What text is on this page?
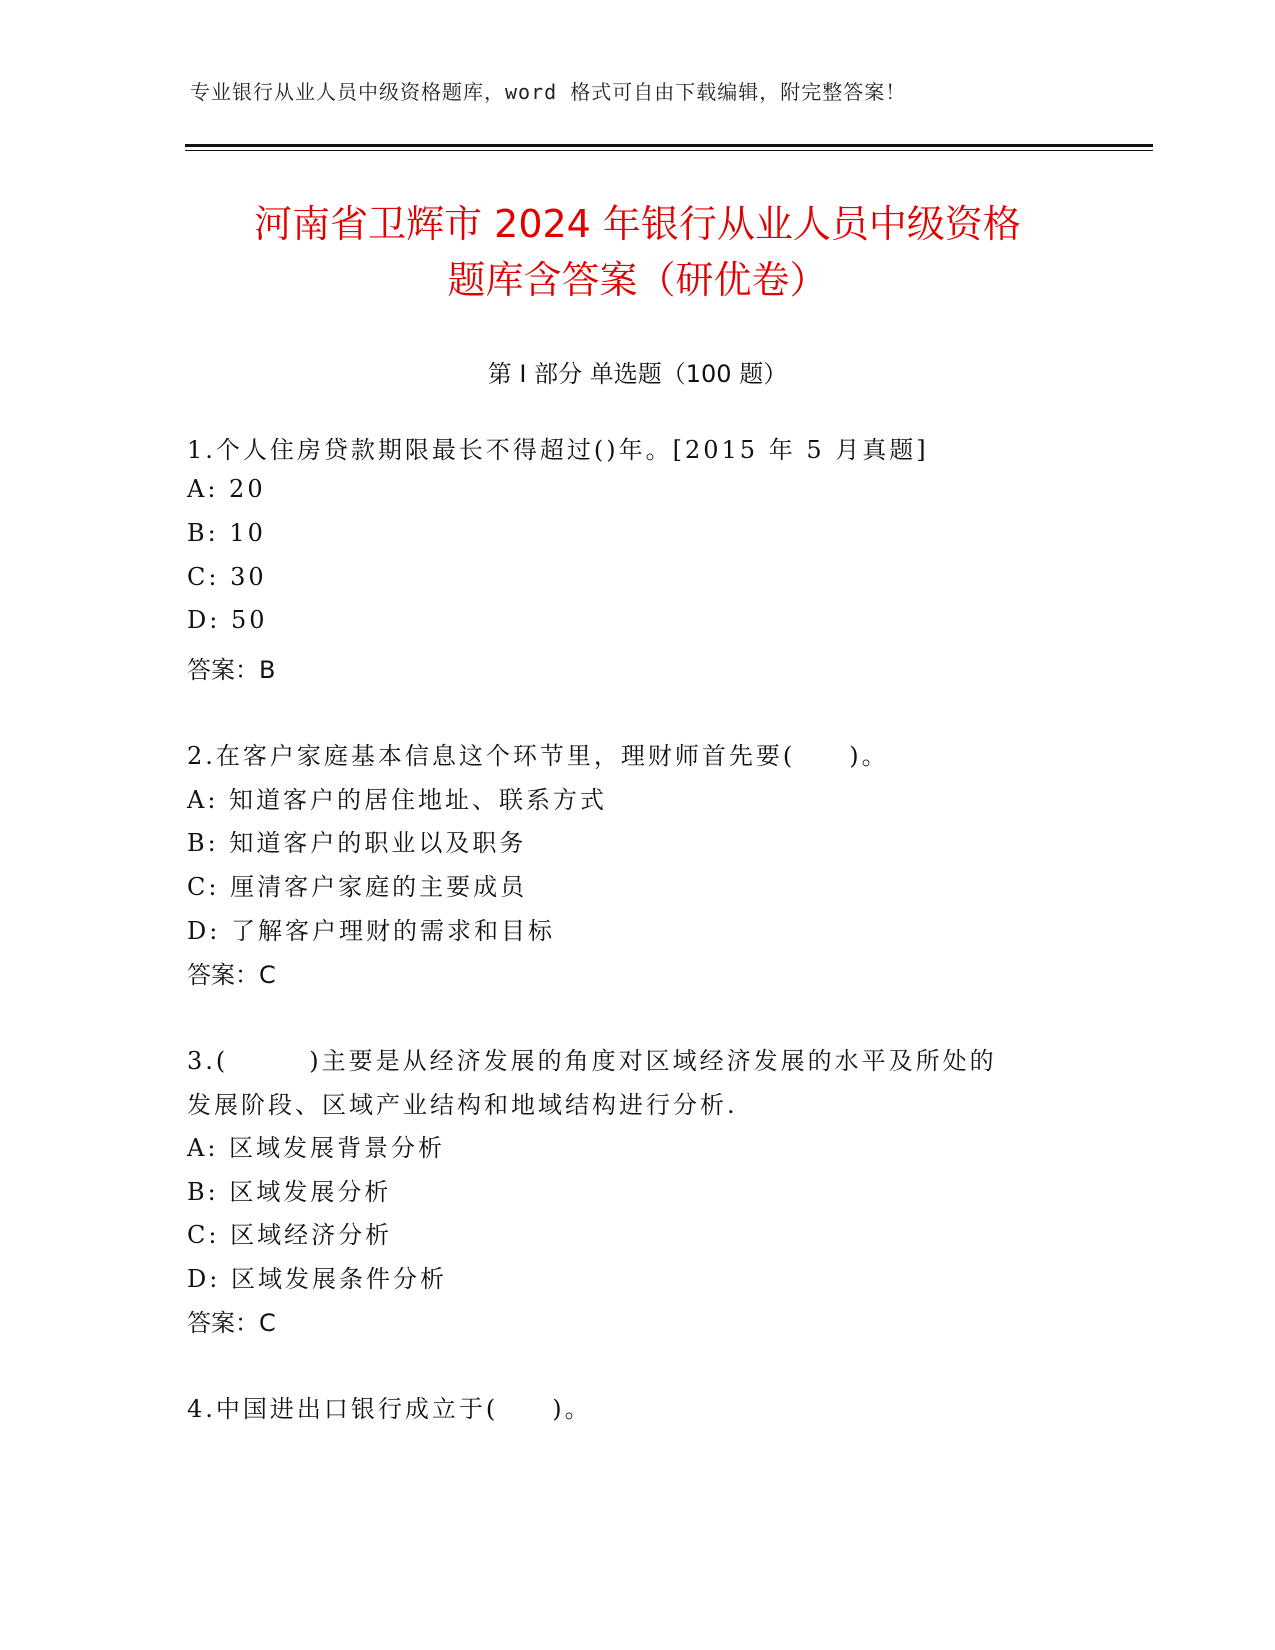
专业银行从业人员中级资格题库，word 格式可自由下载编辑，附完整答案！
河南省卫辉市 2024 年银行从业人员中级资格
题库含答案（研优卷）
第 I 部分 单选题（100 题）
1.个人住房贷款期限最长不得超过()年。[2015 年 5 月真题]
A: 20
B: 10
C: 30
D: 50
答案：B
2.在客户家庭基本信息这个环节里，理财师首先要(　　)。
A: 知道客户的居住地址、联系方式
B: 知道客户的职业以及职务
C: 厘清客户家庭的主要成员
D: 了解客户理财的需求和目标
答案：C
3.(　　　)主要是从经济发展的角度对区域经济发展的水平及所处的
发展阶段、区域产业结构和地域结构进行分析.
A: 区域发展背景分析
B: 区域发展分析
C: 区域经济分析
D: 区域发展条件分析
答案：C
4.中国进出口银行成立于(　　)。
